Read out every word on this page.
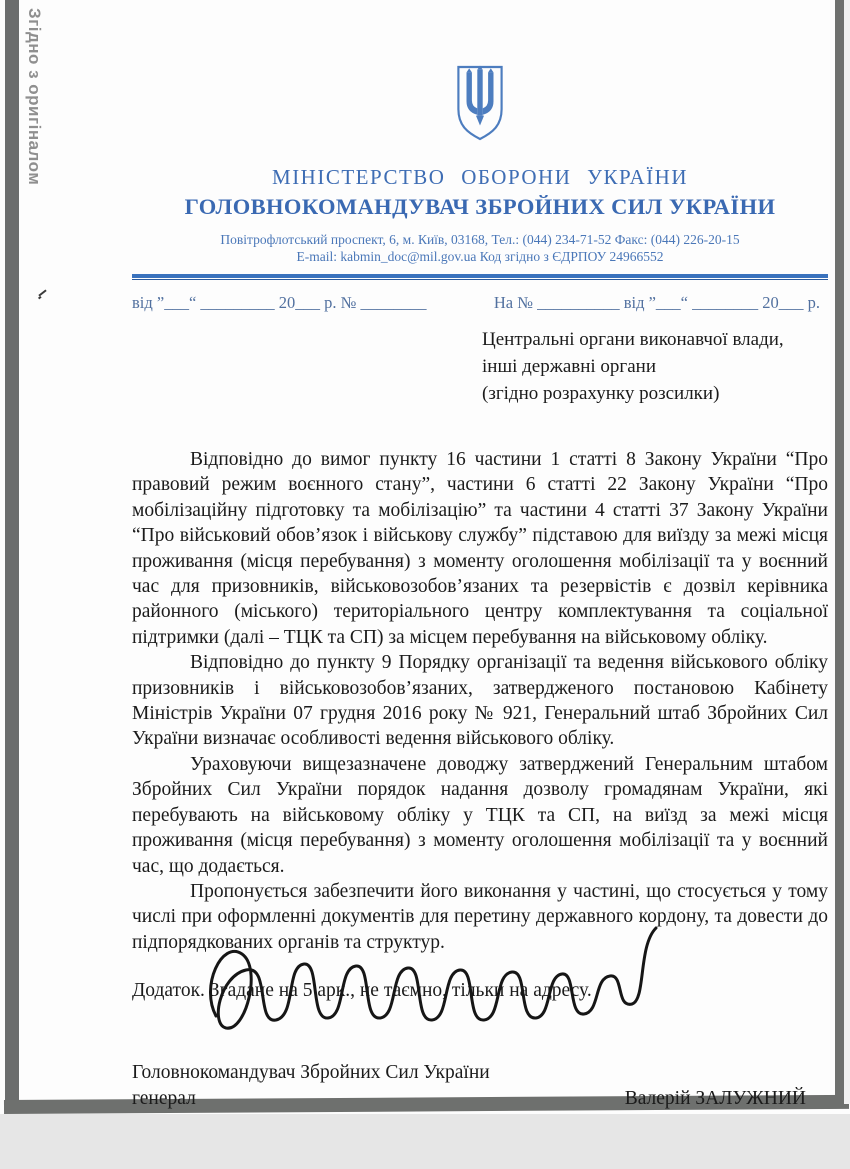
Згідно з оригіналом	МІНІСТЕРСТВО ОБОРОНИ УКРАЇНИ
ГОЛОВНОКОМАНДУВАЧ ЗБРОЙНИХ СИЛ УКРАЇНИ
Повітрофлотський проспект, 6, м. Київ, 03168, Тел.: (044) 234-71-52 Факс: (044) 226-20-15
E-mail: kabmin_doc@mil.gov.ua Код згідно з ЄДРПОУ 24966552
від ”___“ _________ 20___ р. № ________	На № __________ від ”___“ ________ 20___ р.
Центральні органи виконавчої влади,
інші державні органи
(згідно розрахунку розсилки)

Відповідно до вимог пункту 16 частини 1 статті 8 Закону України “Про правовий режим воєнного стану”, частини 6 статті 22 Закону України “Про мобілізаційну підготовку та мобілізацію” та частини 4 статті 37 Закону України “Про військовий обов’язок і військову службу” підставою для виїзду за межі місця проживання (місця перебування) з моменту оголошення мобілізації та у воєнний час для призовників, військовозобов’язаних та резервістів є дозвіл керівника районного (міського) територіального центру комплектування та соціальної підтримки (далі – ТЦК та СП) за місцем перебування на військовому обліку.

Відповідно до пункту 9 Порядку організації та ведення військового обліку призовників і військовозобов’язаних, затвердженого постановою Кабінету Міністрів України 07 грудня 2016 року № 921, Генеральний штаб Збройних Сил України визначає особливості ведення військового обліку.

Ураховуючи вищезазначене доводжу затверджений Генеральним штабом Збройних Сил України порядок надання дозволу громадянам України, які перебувають на військовому обліку у ТЦК та СП, на виїзд за межі місця проживання (місця перебування) з моменту оголошення мобілізації та у воєнний час, що додається.

Пропонується забезпечити його виконання у частині, що стосується у тому числі при оформленні документів для перетину державного кордону, та довести до підпорядкованих органів та структур.

Додаток. Згадане на 5 арк., не таємно, тільки на адресу.
Головнокомандувач Збройних Сил України
генерал	Валерій ЗАЛУЖНИЙ
